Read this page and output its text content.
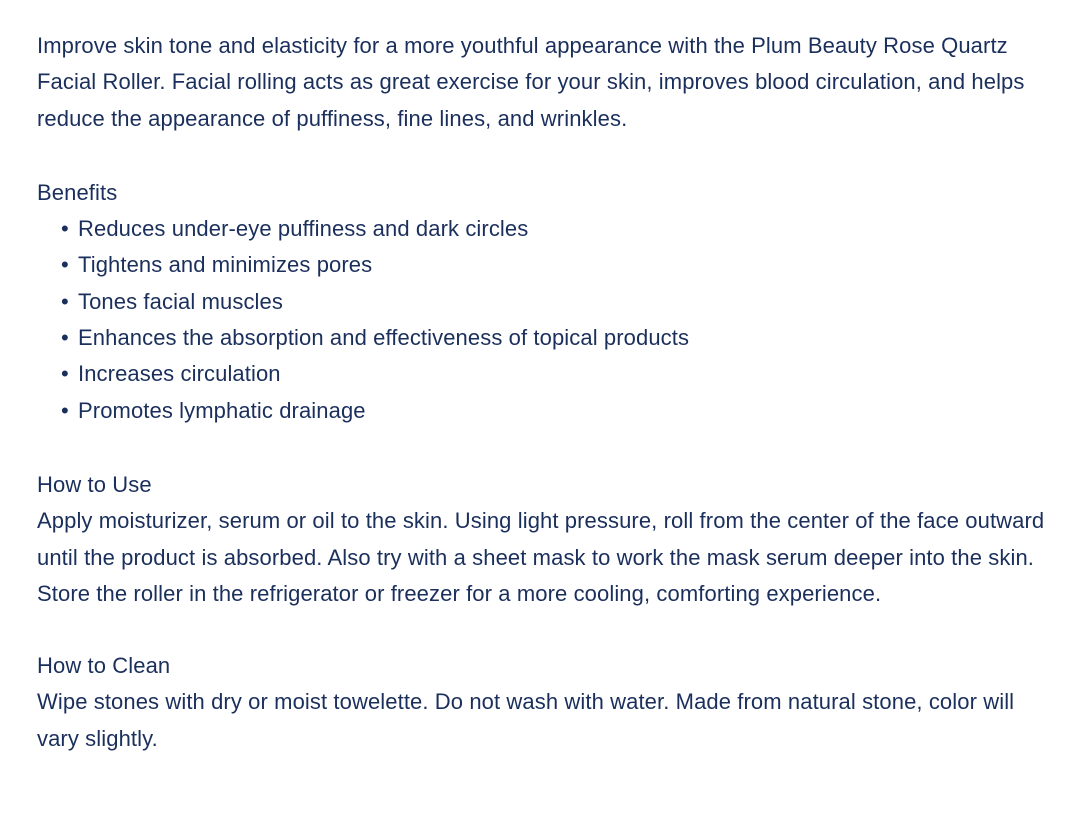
Improve skin tone and elasticity for a more youthful appearance with the Plum Beauty Rose Quartz Facial Roller. Facial rolling acts as great exercise for your skin, improves blood circulation, and helps reduce the appearance of puffiness, fine lines, and wrinkles.

Benefits

• Reduces under-eye puffiness and dark circles
• Tightens and minimizes pores
• Tones facial muscles
• Enhances the absorption and effectiveness of topical products
• Increases circulation
• Promotes lymphatic drainage

How to Use

Apply moisturizer, serum or oil to the skin. Using light pressure, roll from the center of the face outward until the product is absorbed. Also try with a sheet mask to work the mask serum deeper into the skin. Store the roller in the refrigerator or freezer for a more cooling, comforting experience.

How to Clean

Wipe stones with dry or moist towelette. Do not wash with water. Made from natural stone, color will vary slightly.
